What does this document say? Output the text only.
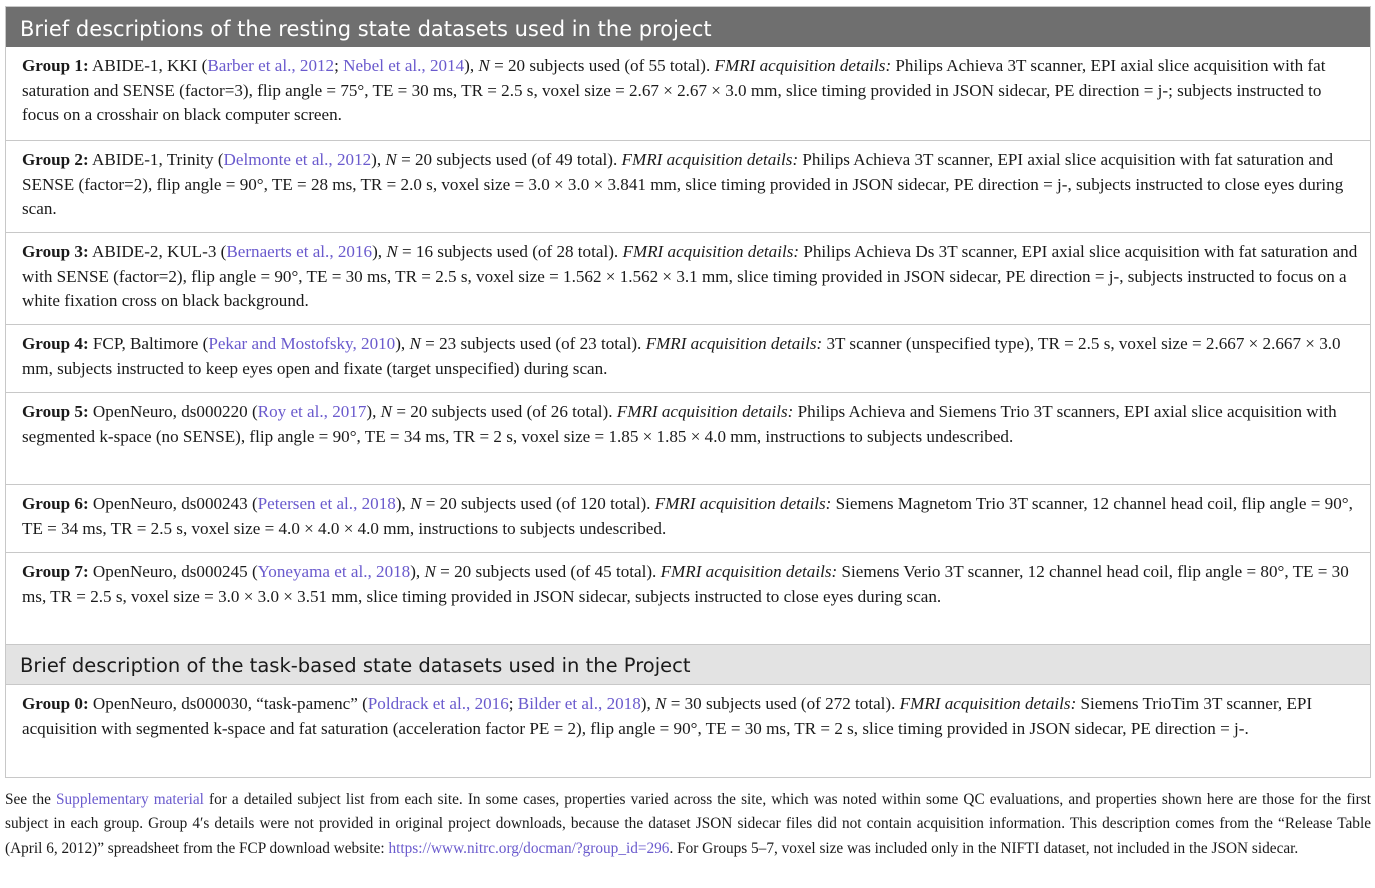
Brief descriptions of the resting state datasets used in the project
Group 1: ABIDE-1, KKI (Barber et al., 2012; Nebel et al., 2014), N = 20 subjects used (of 55 total). FMRI acquisition details: Philips Achieva 3T scanner, EPI axial slice acquisition with fat saturation and SENSE (factor=3), flip angle = 75°, TE = 30 ms, TR = 2.5 s, voxel size = 2.67 × 2.67 × 3.0 mm, slice timing provided in JSON sidecar, PE direction = j-; subjects instructed to focus on a crosshair on black computer screen.
Group 2: ABIDE-1, Trinity (Delmonte et al., 2012), N = 20 subjects used (of 49 total). FMRI acquisition details: Philips Achieva 3T scanner, EPI axial slice acquisition with fat saturation and SENSE (factor=2), flip angle = 90°, TE = 28 ms, TR = 2.0 s, voxel size = 3.0 × 3.0 × 3.841 mm, slice timing provided in JSON sidecar, PE direction = j-, subjects instructed to close eyes during scan.
Group 3: ABIDE-2, KUL-3 (Bernaerts et al., 2016), N = 16 subjects used (of 28 total). FMRI acquisition details: Philips Achieva Ds 3T scanner, EPI axial slice acquisition with fat saturation and with SENSE (factor=2), flip angle = 90°, TE = 30 ms, TR = 2.5 s, voxel size = 1.562 × 1.562 × 3.1 mm, slice timing provided in JSON sidecar, PE direction = j-, subjects instructed to focus on a white fixation cross on black background.
Group 4: FCP, Baltimore (Pekar and Mostofsky, 2010), N = 23 subjects used (of 23 total). FMRI acquisition details: 3T scanner (unspecified type), TR = 2.5 s, voxel size = 2.667 × 2.667 × 3.0 mm, subjects instructed to keep eyes open and fixate (target unspecified) during scan.
Group 5: OpenNeuro, ds000220 (Roy et al., 2017), N = 20 subjects used (of 26 total). FMRI acquisition details: Philips Achieva and Siemens Trio 3T scanners, EPI axial slice acquisition with segmented k-space (no SENSE), flip angle = 90°, TE = 34 ms, TR = 2 s, voxel size = 1.85 × 1.85 × 4.0 mm, instructions to subjects undescribed.
Group 6: OpenNeuro, ds000243 (Petersen et al., 2018), N = 20 subjects used (of 120 total). FMRI acquisition details: Siemens Magnetom Trio 3T scanner, 12 channel head coil, flip angle = 90°, TE = 34 ms, TR = 2.5 s, voxel size = 4.0 × 4.0 × 4.0 mm, instructions to subjects undescribed.
Group 7: OpenNeuro, ds000245 (Yoneyama et al., 2018), N = 20 subjects used (of 45 total). FMRI acquisition details: Siemens Verio 3T scanner, 12 channel head coil, flip angle = 80°, TE = 30 ms, TR = 2.5 s, voxel size = 3.0 × 3.0 × 3.51 mm, slice timing provided in JSON sidecar, subjects instructed to close eyes during scan.
Brief description of the task-based state datasets used in the Project
Group 0: OpenNeuro, ds000030, “task-pamenc” (Poldrack et al., 2016; Bilder et al., 2018), N = 30 subjects used (of 272 total). FMRI acquisition details: Siemens TrioTim 3T scanner, EPI acquisition with segmented k-space and fat saturation (acceleration factor PE = 2), flip angle = 90°, TE = 30 ms, TR = 2 s, slice timing provided in JSON sidecar, PE direction = j-.
See the Supplementary material for a detailed subject list from each site. In some cases, properties varied across the site, which was noted within some QC evaluations, and properties shown here are those for the first subject in each group. Group 4′s details were not provided in original project downloads, because the dataset JSON sidecar files did not contain acquisition information. This description comes from the “Release Table (April 6, 2012)” spreadsheet from the FCP download website: https://www.nitrc.org/docman/?group_id=296. For Groups 5–7, voxel size was included only in the NIFTI dataset, not included in the JSON sidecar.
